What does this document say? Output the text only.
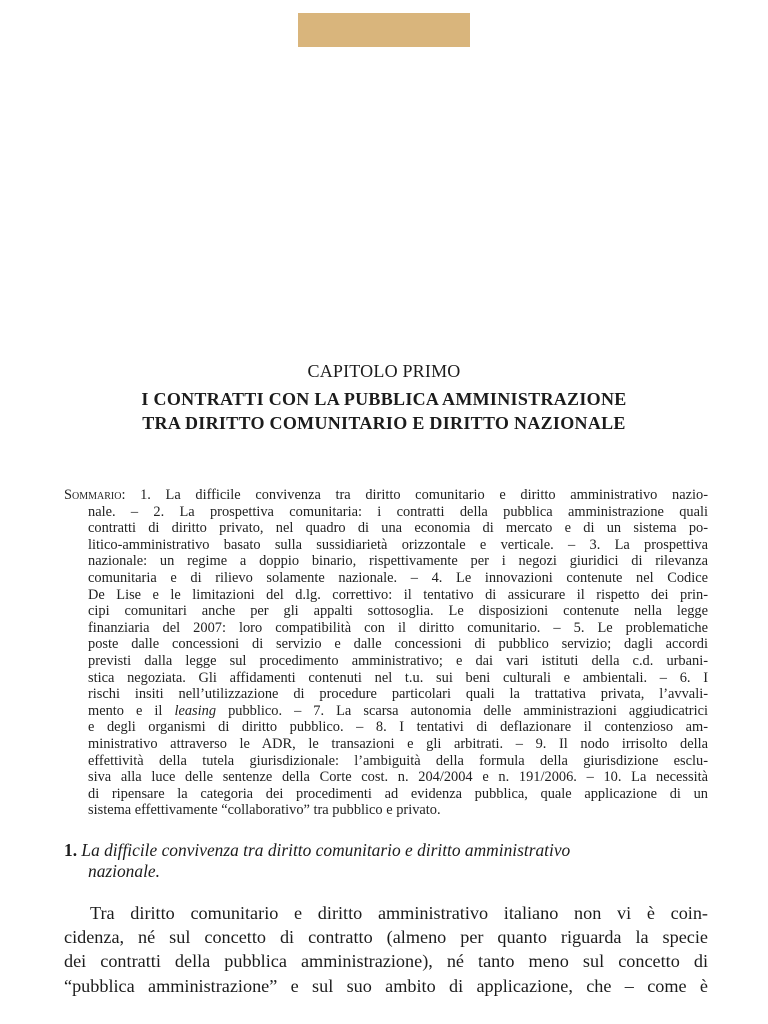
CAPITOLO PRIMO
I CONTRATTI CON LA PUBBLICA AMMINISTRAZIONE
TRA DIRITTO COMUNITARIO E DIRITTO NAZIONALE
Sommario: 1. La difficile convivenza tra diritto comunitario e diritto amministrativo nazio-
nale. – 2. La prospettiva comunitaria: i contratti della pubblica amministrazione quali
contratti di diritto privato, nel quadro di una economia di mercato e di un sistema po-
litico-amministrativo basato sulla sussidiarietà orizzontale e verticale. – 3. La prospettiva
nazionale: un regime a doppio binario, rispettivamente per i negozi giuridici di rilevanza
comunitaria e di rilievo solamente nazionale. – 4. Le innovazioni contenute nel Codice
De Lise e le limitazioni del d.lg. correttivo: il tentativo di assicurare il rispetto dei prin-
cipi comunitari anche per gli appalti sottosoglia. Le disposizioni contenute nella legge
finanziaria del 2007: loro compatibilità con il diritto comunitario. – 5. Le problematiche
poste dalle concessioni di servizio e dalle concessioni di pubblico servizio; dagli accordi
previsti dalla legge sul procedimento amministrativo; e dai vari istituti della c.d. urbani-
stica negoziata. Gli affidamenti contenuti nel t.u. sui beni culturali e ambientali. – 6. I
rischi insiti nell’utilizzazione di procedure particolari quali la trattativa privata, l’avvali-
mento e il leasing pubblico. – 7. La scarsa autonomia delle amministrazioni aggiudicatrici
e degli organismi di diritto pubblico. – 8. I tentativi di deflazionare il contenzioso am-
ministrativo attraverso le ADR, le transazioni e gli arbitrati. – 9. Il nodo irrisolto della
effettività della tutela giurisdizionale: l’ambiguità della formula della giurisdizione esclu-
siva alla luce delle sentenze della Corte cost. n. 204/2004 e n. 191/2006. – 10. La necessità
di ripensare la categoria dei procedimenti ad evidenza pubblica, quale applicazione di un
sistema effettivamente “collaborativo” tra pubblico e privato.
1. La difficile convivenza tra diritto comunitario e diritto amministrativo
nazionale.
Tra diritto comunitario e diritto amministrativo italiano non vi è coin-
cidenza, né sul concetto di contratto (almeno per quanto riguarda la specie
dei contratti della pubblica amministrazione), né tanto meno sul concetto di
“pubblica amministrazione” e sul suo ambito di applicazione, che – come è
